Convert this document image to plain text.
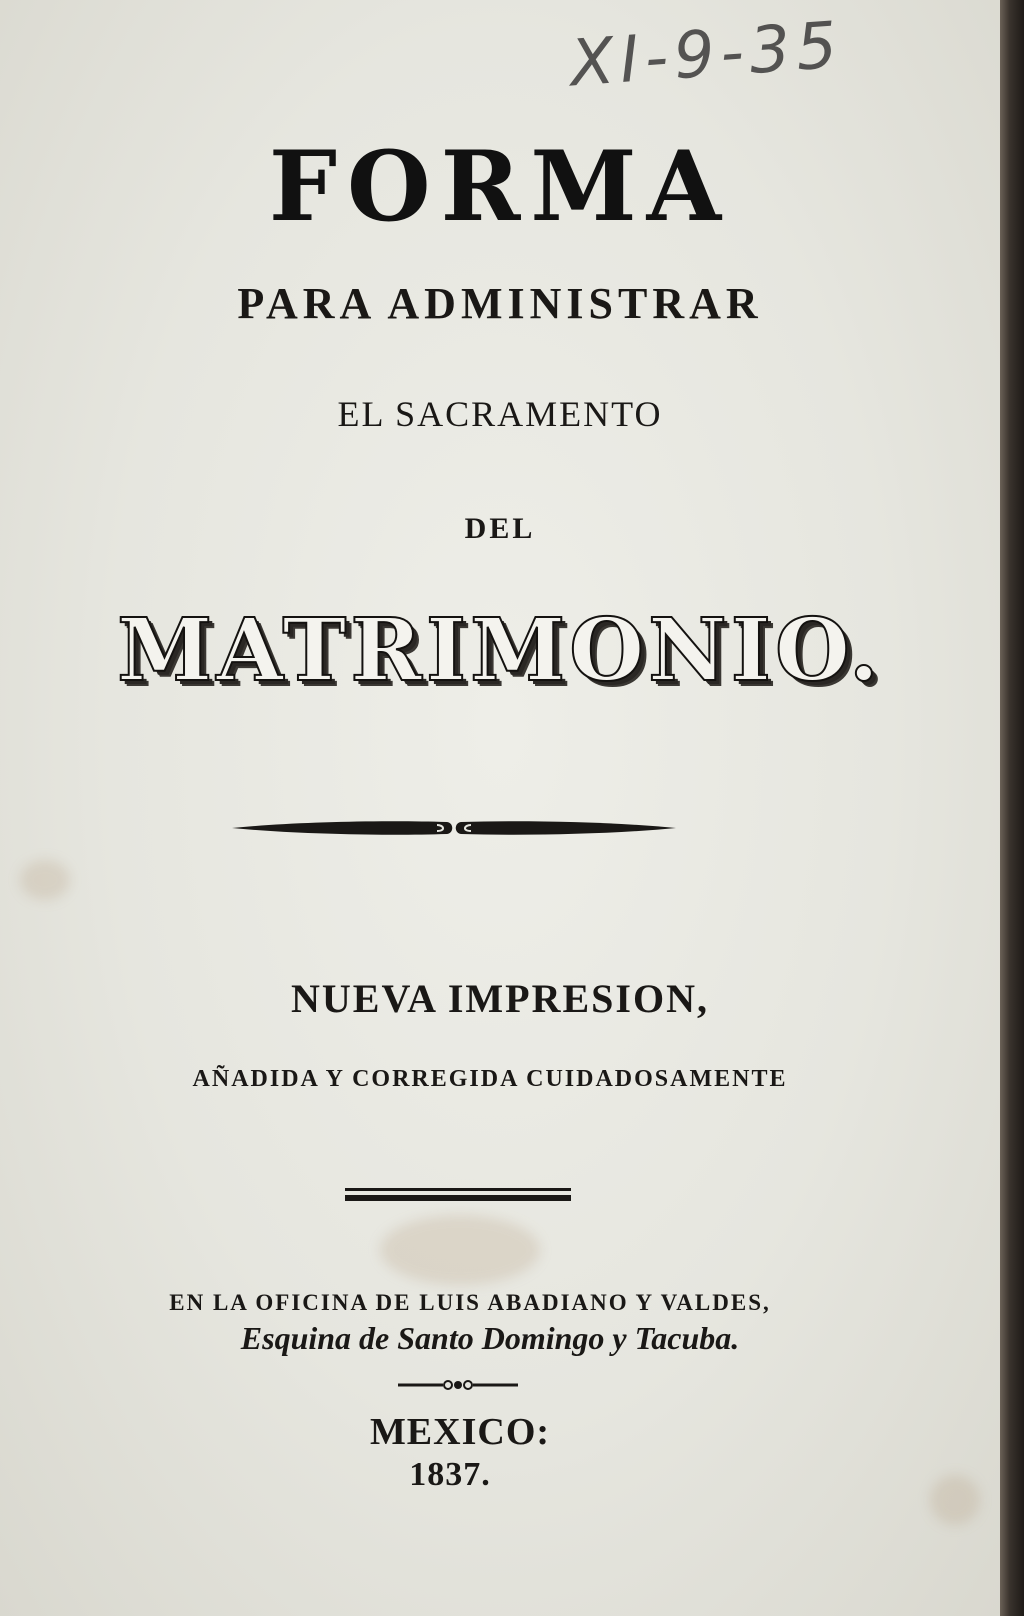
XI-9-35
FORMA
PARA ADMINISTRAR
EL SACRAMENTO
DEL
MATRIMONIO.
NUEVA IMPRESION,
AÑADIDA Y CORREGIDA CUIDADOSAMENTE
EN LA OFICINA DE LUIS ABADIANO Y VALDES,
Esquina de Santo Domingo y Tacuba.
MEXICO:
1837.
